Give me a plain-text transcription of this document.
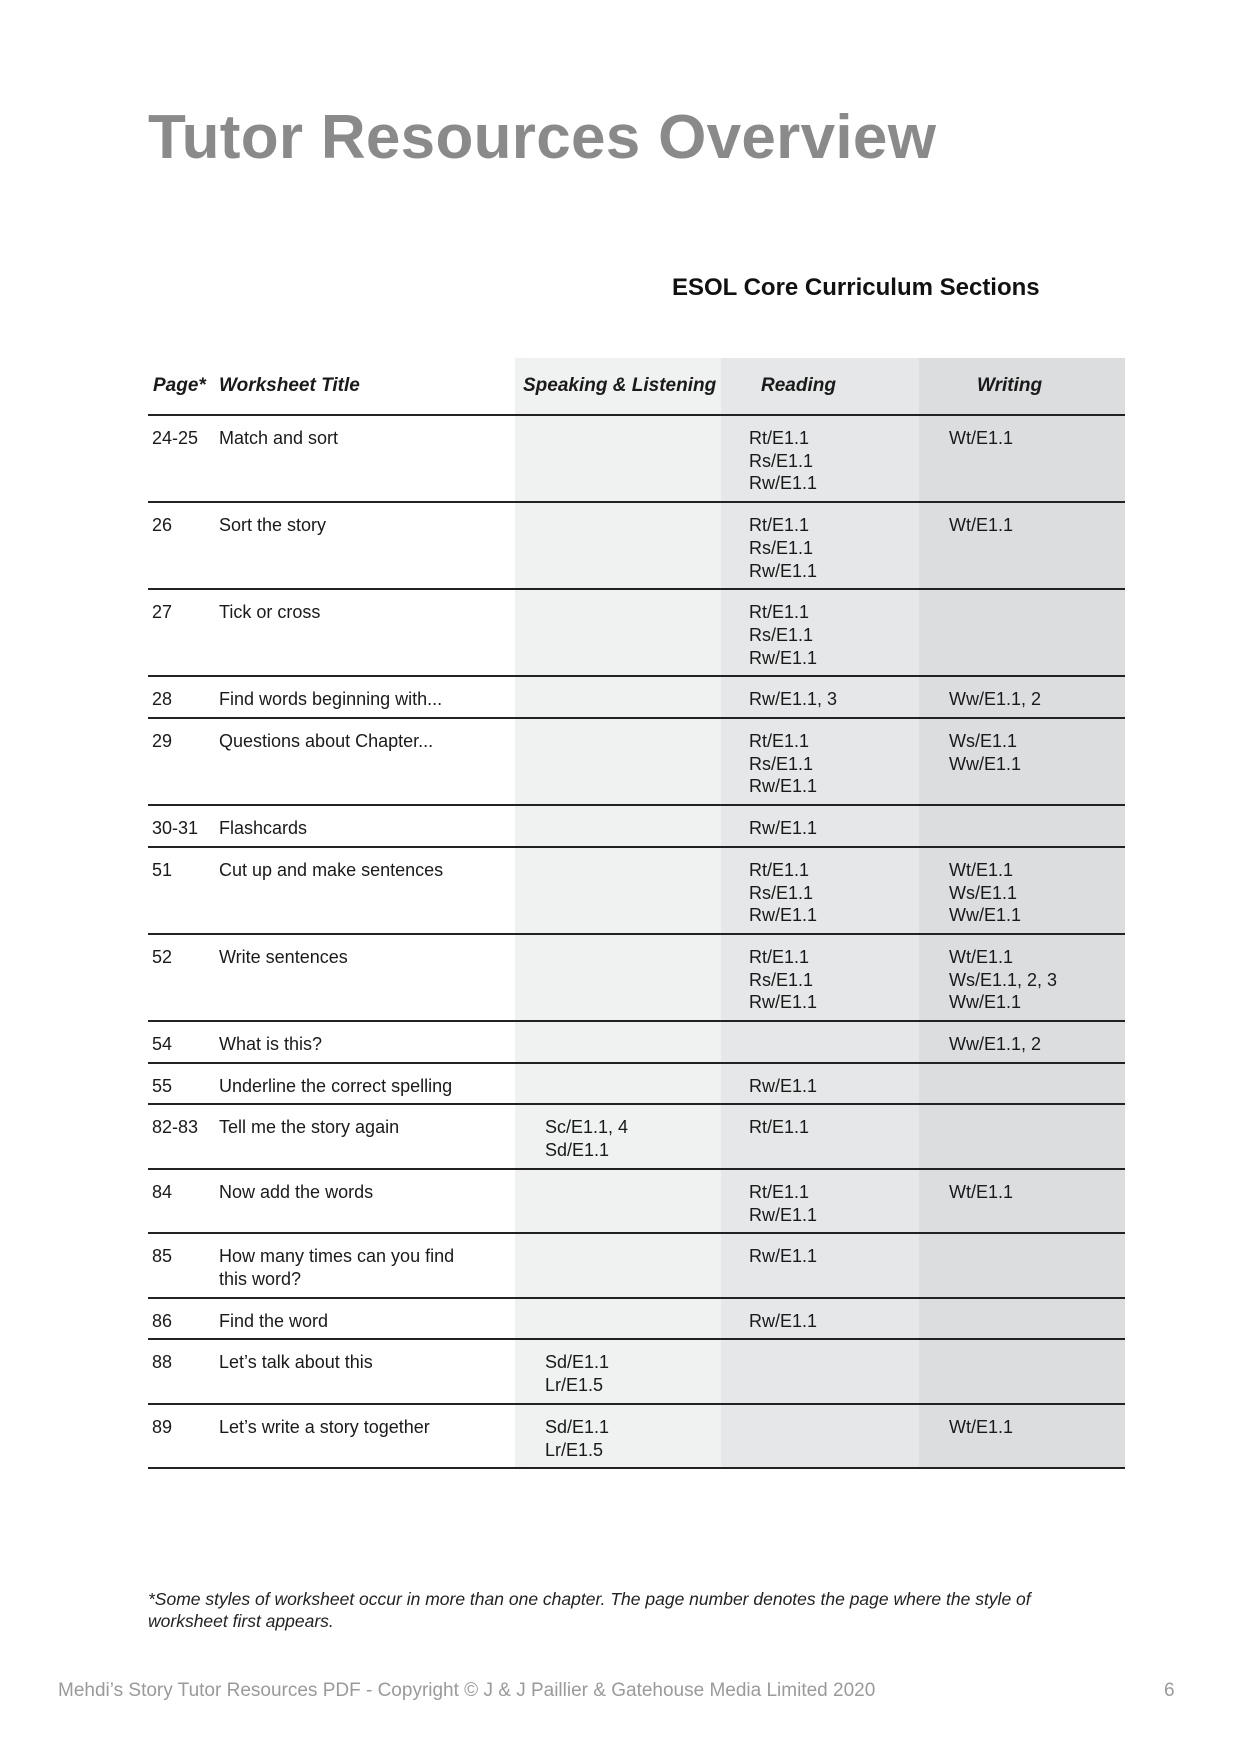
Tutor Resources Overview
ESOL Core Curriculum Sections
Page*	Worksheet Title	Speaking & Listening	Reading	Writing
24-25	Match and sort		Rt/E1.1
Rs/E1.1
Rw/E1.1	Wt/E1.1

26	Sort the story		Rt/E1.1
Rs/E1.1
Rw/E1.1	Wt/E1.1

27	Tick or cross		Rt/E1.1
Rs/E1.1
Rw/E1.1	

28	Find words beginning with...		Rw/E1.1, 3	Ww/E1.1, 2

29	Questions about Chapter...		Rt/E1.1
Rs/E1.1
Rw/E1.1	Ws/E1.1
Ww/E1.1

30-31	Flashcards		Rw/E1.1	

51	Cut up and make sentences		Rt/E1.1
Rs/E1.1
Rw/E1.1	Wt/E1.1
Ws/E1.1
Ww/E1.1

52	Write sentences		Rt/E1.1
Rs/E1.1
Rw/E1.1	Wt/E1.1
Ws/E1.1, 2, 3
Ww/E1.1

54	What is this?			Ww/E1.1, 2

55	Underline the correct spelling		Rw/E1.1	

82-83	Tell me the story again	Sc/E1.1, 4
Sd/E1.1	Rt/E1.1	

84	Now add the words		Rt/E1.1
Rw/E1.1	Wt/E1.1

85	How many times can you find
this word?		Rw/E1.1	

86	Find the word		Rw/E1.1	

88	Let’s talk about this	Sd/E1.1
Lr/E1.5		

89	Let’s write a story together	Sd/E1.1
Lr/E1.5		Wt/E1.1

*Some styles of worksheet occur in more than one chapter. The page number denotes the page where the style of worksheet first appears.

Mehdi’s Story Tutor Resources PDF - Copyright © J & J Paillier & Gatehouse Media Limited 2020	6
